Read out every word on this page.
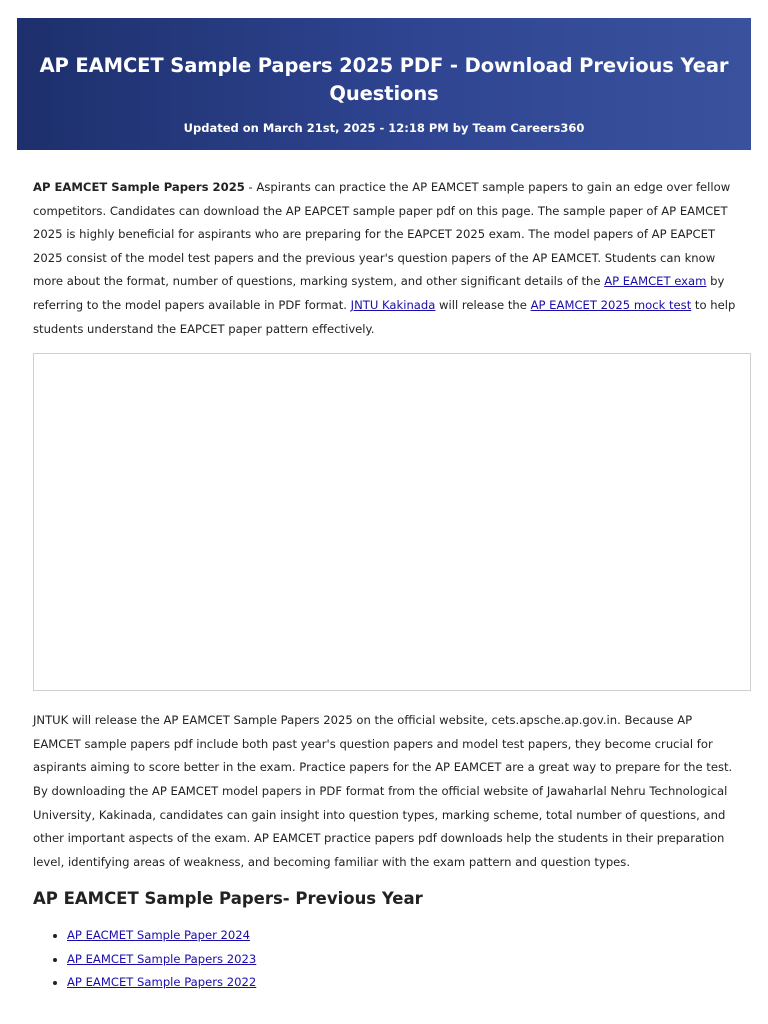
AP EAMCET Sample Papers 2025 PDF - Download Previous Year Questions
Updated on March 21st, 2025 - 12:18 PM by Team Careers360

AP EAMCET Sample Papers 2025 - Aspirants can practice the AP EAMCET sample papers to gain an edge over fellow competitors. Candidates can download the AP EAPCET sample paper pdf on this page. The sample paper of AP EAMCET 2025 is highly beneficial for aspirants who are preparing for the EAPCET 2025 exam. The model papers of AP EAPCET 2025 consist of the model test papers and the previous year's question papers of the AP EAMCET. Students can know more about the format, number of questions, marking system, and other significant details of the AP EAMCET exam by referring to the model papers available in PDF format. JNTU Kakinada will release the AP EAMCET 2025 mock test to help students understand the EAPCET paper pattern effectively.

JNTUK will release the AP EAMCET Sample Papers 2025 on the official website, cets.apsche.ap.gov.in. Because AP EAMCET sample papers pdf include both past year's question papers and model test papers, they become crucial for aspirants aiming to score better in the exam. Practice papers for the AP EAMCET are a great way to prepare for the test. By downloading the AP EAMCET model papers in PDF format from the official website of Jawaharlal Nehru Technological University, Kakinada, candidates can gain insight into question types, marking scheme, total number of questions, and other important aspects of the exam. AP EAMCET practice papers pdf downloads help the students in their preparation level, identifying areas of weakness, and becoming familiar with the exam pattern and question types.

AP EAMCET Sample Papers- Previous Year
• AP EACMET Sample Paper 2024
• AP EAMCET Sample Papers 2023
• AP EAMCET Sample Papers 2022
